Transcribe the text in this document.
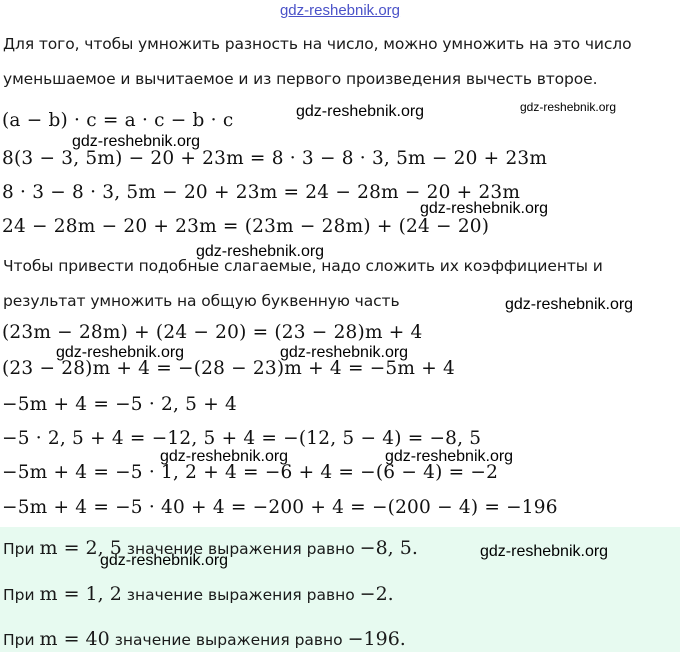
gdz-reshebnik.org
Для того, чтобы умножить разность на число, можно умножить на это число
уменьшаемое и вычитаемое и из первого произведения вычесть второе.
(a − b) · c = a · c − b · c
8(3 − 3, 5m) − 20 + 23m = 8 · 3 − 8 · 3, 5m − 20 + 23m
8 · 3 − 8 · 3, 5m − 20 + 23m = 24 − 28m − 20 + 23m
24 − 28m − 20 + 23m = (23m − 28m) + (24 − 20)
Чтобы привести подобные слагаемые, надо сложить их коэффициенты и
результат умножить на общую буквенную часть
(23m − 28m) + (24 − 20) = (23 − 28)m + 4
(23 − 28)m + 4 = −(28 − 23)m + 4 = −5m + 4
−5m + 4 = −5 · 2, 5 + 4
−5 · 2, 5 + 4 = −12, 5 + 4 = −(12, 5 − 4) = −8, 5
−5m + 4 = −5 · 1, 2 + 4 = −6 + 4 = −(6 − 4) = −2
−5m + 4 = −5 · 40 + 4 = −200 + 4 = −(200 − 4) = −196
При m = 2, 5 значение выражения равно −8, 5.
При m = 1, 2 значение выражения равно −2.
При m = 40 значение выражения равно −196.
gdz-reshebnik.org	gdz-reshebnik.org
gdz-reshebnik.org
gdz-reshebnik.org
gdz-reshebnik.org
gdz-reshebnik.org
gdz-reshebnik.org	gdz-reshebnik.org
gdz-reshebnik.org	gdz-reshebnik.org
gdz-reshebnik.org
gdz-reshebnik.org
